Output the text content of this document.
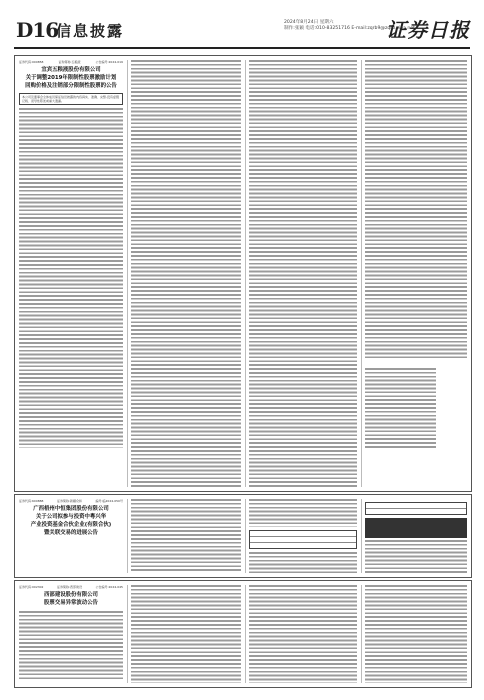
D16
信息披露	2024年8月24日 星期六
制作:张颖 电话:010-83251716 E-mail:zqrb9@zqrb.sina.net
证券日报
证券代码:000858	证券简称:五粮液	公告编号:2024-019
宜宾五粮液股份有限公司
关于调整2019年限制性股票激励计划
回购价格及注销部分限制性股票的公告
本公司及董事会全体成员保证信息披露的内容真实、准确、完整,没有虚假记载、误导性陈述或重大遗漏。
证券代码:600888	证券简称:新疆众和	编号:临2024-050号
广西梧州中恒集团股份有限公司
关于公司拟参与投资中粤兴华
产业投资基金合伙企业(有限合伙)
暨关联交易的进展公告
证券代码:002302	证券简称:西部建设	公告编号:2024-045
西部建设股份有限公司
股票交易异常波动公告
